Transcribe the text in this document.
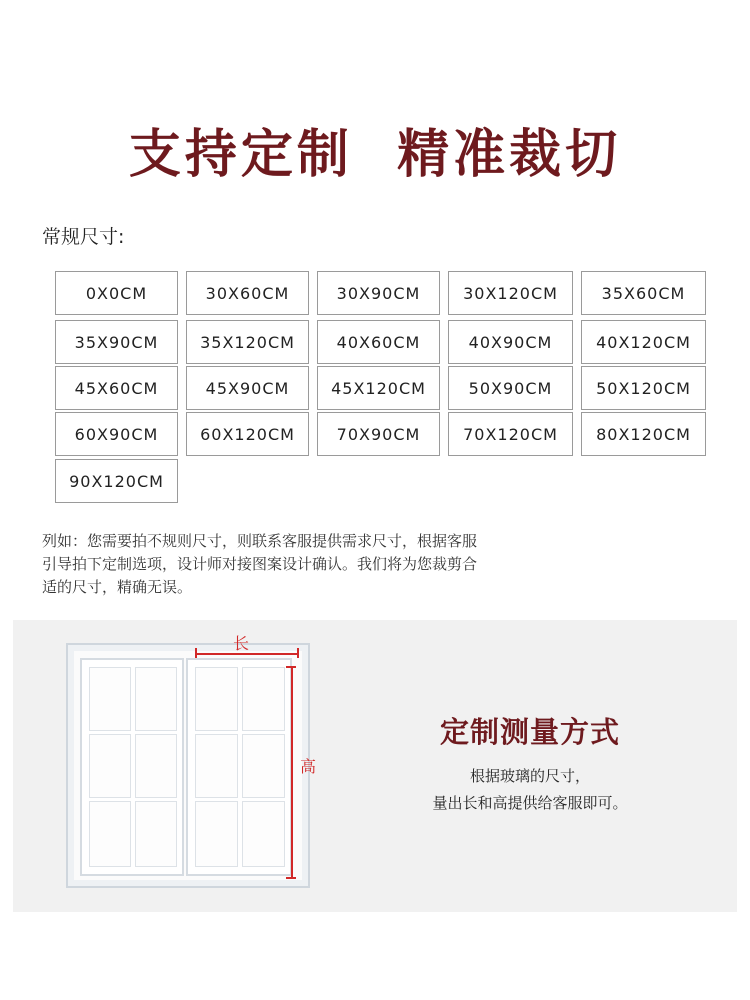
支持定制  精准裁切
常规尺寸:
0X0CM	30X60CM	30X90CM	30X120CM	35X60CM
35X90CM	35X120CM	40X60CM	40X90CM	40X120CM
45X60CM	45X90CM	45X120CM	50X90CM	50X120CM
60X90CM	60X120CM	70X90CM	70X120CM	80X120CM
90X120CM
列如：您需要拍不规则尺寸，则联系客服提供需求尺寸，根据客服
引导拍下定制选项，设计师对接图案设计确认。我们将为您裁剪合
适的尺寸，精确无误。
长
高
定制测量方式
根据玻璃的尺寸，
量出长和高提供给客服即可。
